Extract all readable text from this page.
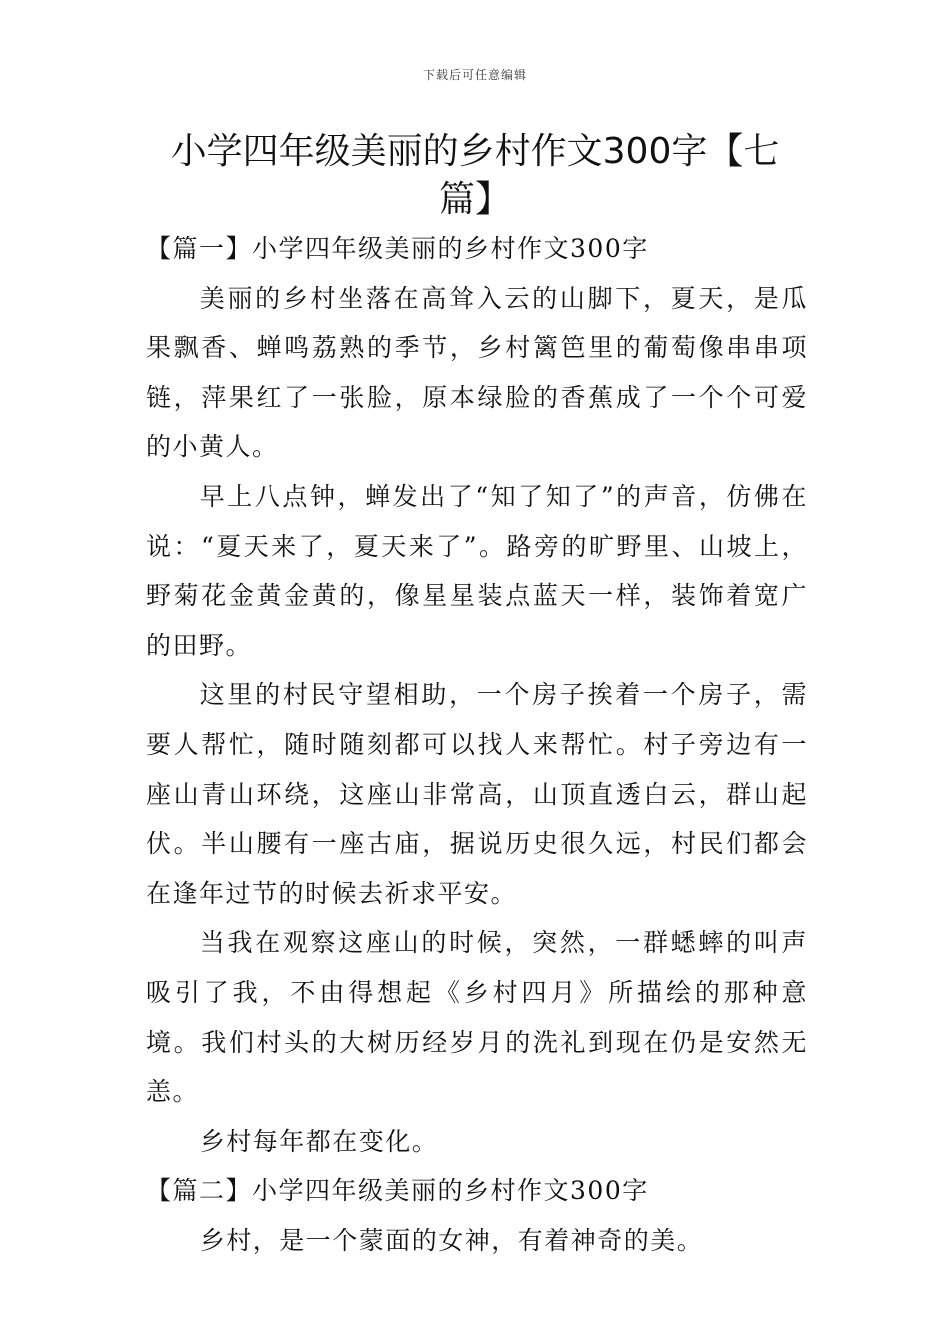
下载后可任意编辑
小学四年级美丽的乡村作文300字【七篇】

【篇一】小学四年级美丽的乡村作文300字

美丽的乡村坐落在高耸入云的山脚下，夏天，是瓜果飘香、蝉鸣荔熟的季节，乡村篱笆里的葡萄像串串项链，萍果红了一张脸，原本绿脸的香蕉成了一个个可爱的小黄人。

早上八点钟，蝉发出了“知了知了”的声音，仿佛在说：“夏天来了，夏天来了”。路旁的旷野里、山坡上，野菊花金黄金黄的，像星星装点蓝天一样，装饰着宽广的田野。

这里的村民守望相助，一个房子挨着一个房子，需要人帮忙，随时随刻都可以找人来帮忙。村子旁边有一座山青山环绕，这座山非常高，山顶直透白云，群山起伏。半山腰有一座古庙，据说历史很久远，村民们都会在逢年过节的时候去祈求平安。

当我在观察这座山的时候，突然，一群蟋蟀的叫声吸引了我，不由得想起《乡村四月》所描绘的那种意境。我们村头的大树历经岁月的洗礼到现在仍是安然无恙。

乡村每年都在变化。

【篇二】小学四年级美丽的乡村作文300字

乡村，是一个蒙面的女神，有着神奇的美。
